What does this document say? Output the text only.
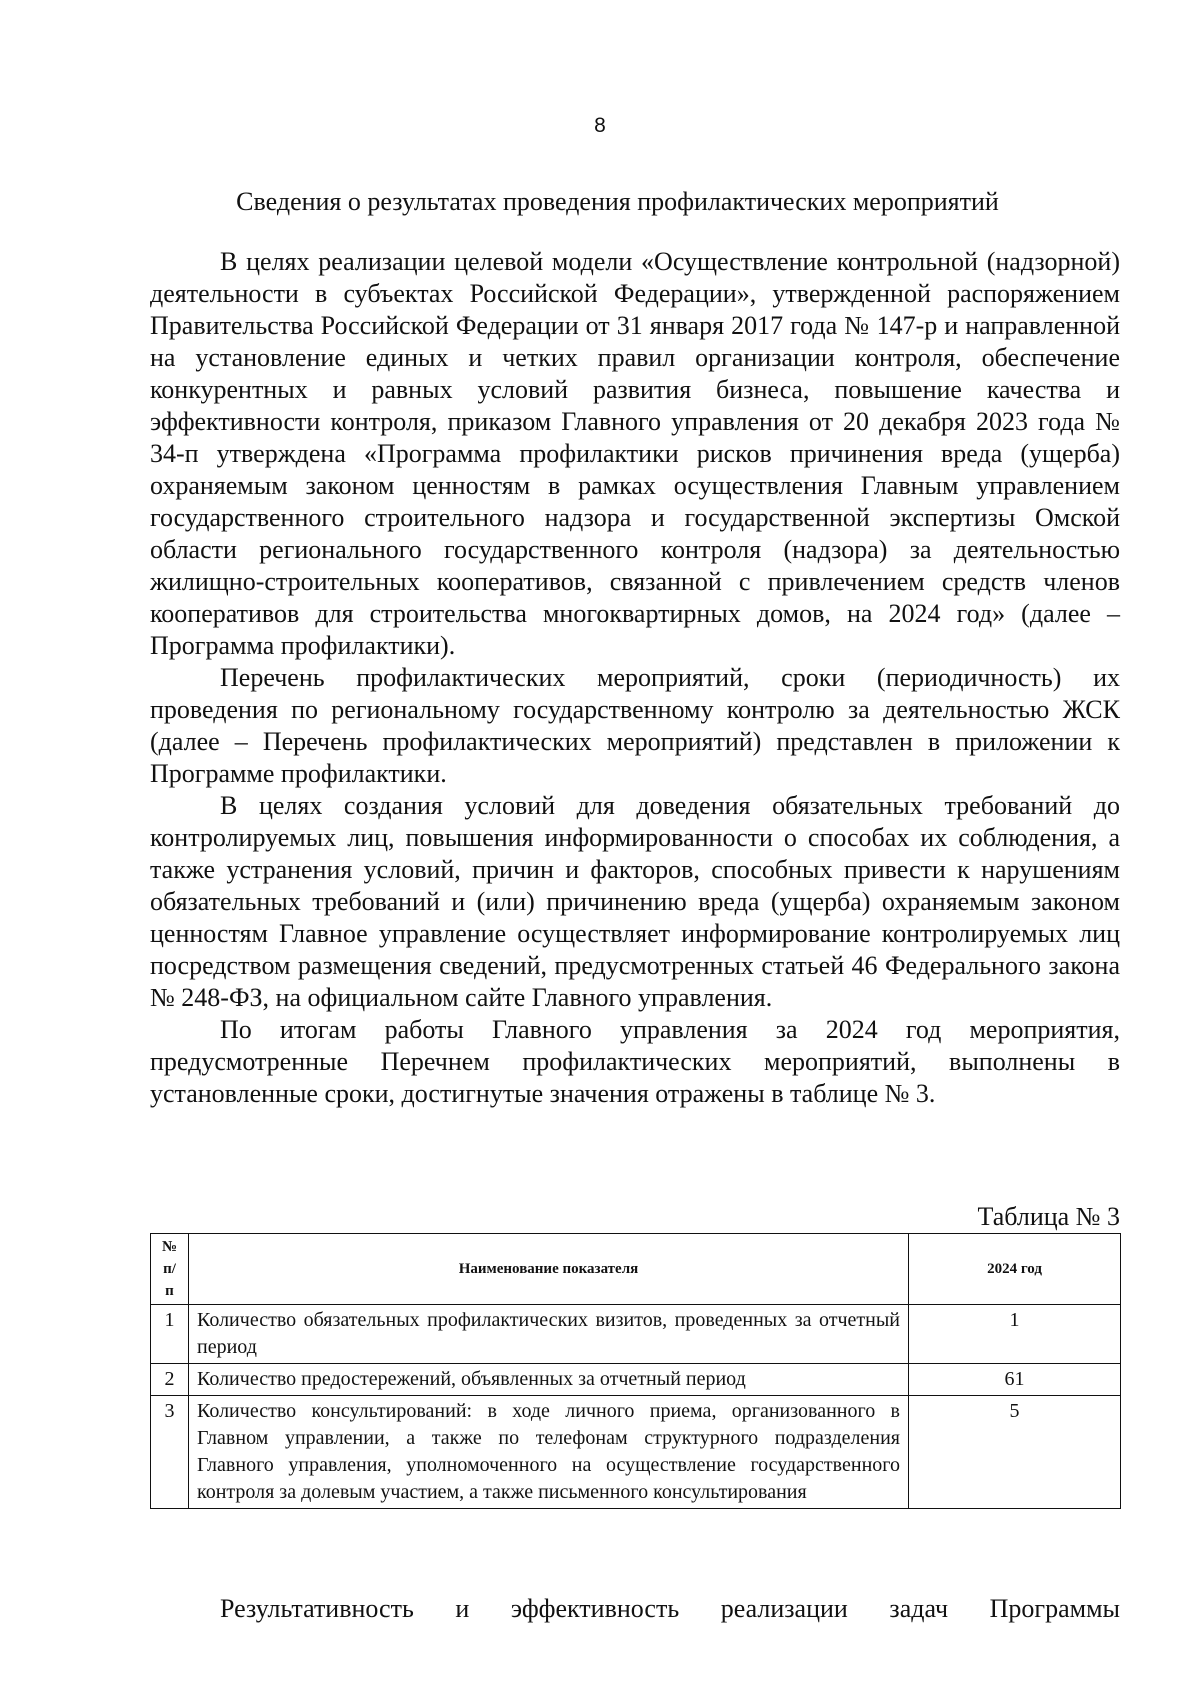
8
Сведения о результатах проведения профилактических мероприятий

В целях реализации целевой модели «Осуществление контрольной (надзорной) деятельности в субъектах Российской Федерации», утвержденной распоряжением Правительства Российской Федерации от 31 января 2017 года № 147-р и направленной на установление единых и четких правил организации контроля, обеспечение конкурентных и равных условий развития бизнеса, повышение качества и эффективности контроля, приказом Главного управления от 20 декабря 2023 года № 34-п утверждена «Программа профилактики рисков причинения вреда (ущерба) охраняемым законом ценностям в рамках осуществления Главным управлением государственного строительного надзора и государственной экспертизы Омской области регионального государственного контроля (надзора) за деятельностью жилищно-строительных кооперативов, связанной с привлечением средств членов кооперативов для строительства многоквартирных домов, на 2024 год» (далее – Программа профилактики).

Перечень профилактических мероприятий, сроки (периодичность) их проведения по региональному государственному контролю за деятельностью ЖСК (далее – Перечень профилактических мероприятий) представлен в приложении к Программе профилактики.

В целях создания условий для доведения обязательных требований до контролируемых лиц, повышения информированности о способах их соблюдения, а также устранения условий, причин и факторов, способных привести к нарушениям обязательных требований и (или) причинению вреда (ущерба) охраняемым законом ценностям Главное управление осуществляет информирование контролируемых лиц посредством размещения сведений, предусмотренных статьей 46 Федерального закона № 248-ФЗ, на официальном сайте Главного управления.

По итогам работы Главного управления за 2024 год мероприятия, предусмотренные Перечнем профилактических мероприятий, выполнены в установленные сроки, достигнутые значения отражены в таблице № 3.

Таблица № 3
№ п/п	Наименование показателя	2024 год
1	Количество обязательных профилактических визитов, проведенных за отчетный период	1
2	Количество предостережений, объявленных за отчетный период	61
3	Количество консультирований: в ходе личного приема, организованного в Главном управлении, а также по телефонам структурного подразделения Главного управления, уполномоченного на осуществление государственного контроля за долевым участием, а также письменного консультирования	5
Результативность и эффективность реализации задач Программы
